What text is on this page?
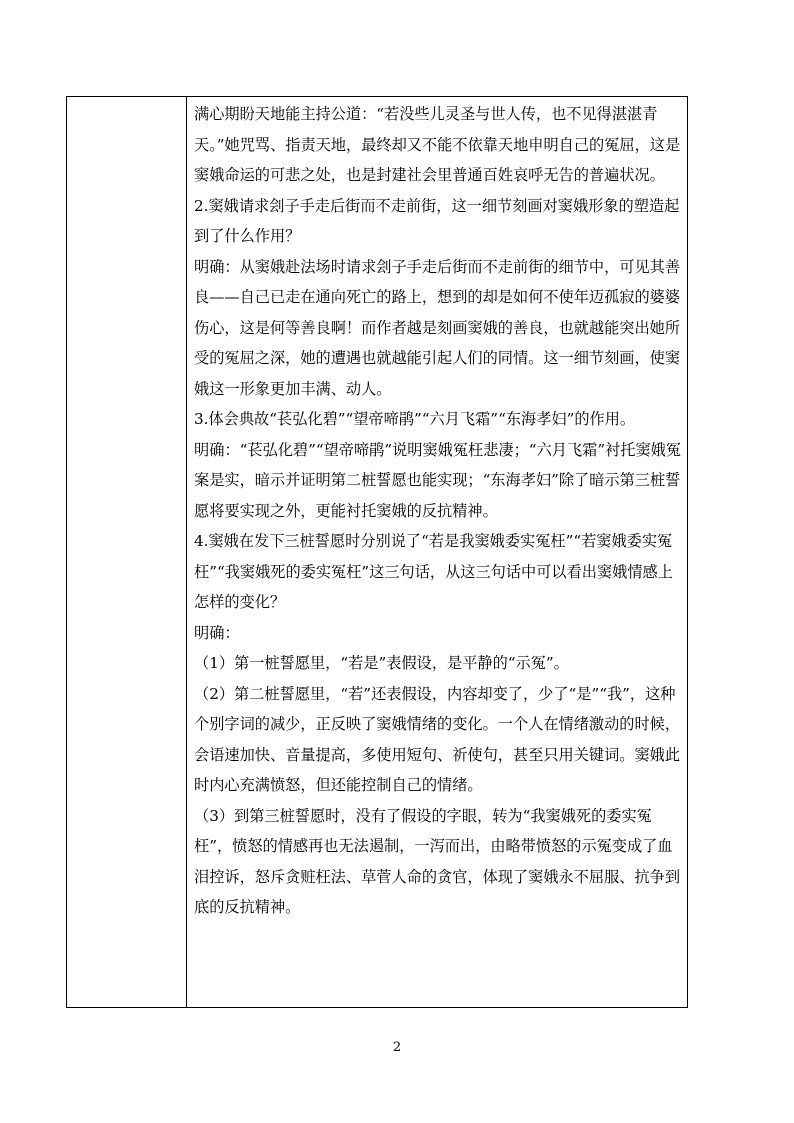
满心期盼天地能主持公道：“若没些儿灵圣与世人传，也不见得湛湛青天。”她咒骂、指责天地，最终却又不能不依靠天地申明自己的冤屈，这是窦娥命运的可悲之处，也是封建社会里普通百姓哀呼无告的普遍状况。

2.窦娥请求刽子手走后街而不走前街，这一细节刻画对窦娥形象的塑造起到了什么作用？

明确：从窦娥赴法场时请求刽子手走后街而不走前街的细节中，可见其善良——自己已走在通向死亡的路上，想到的却是如何不使年迈孤寂的婆婆伤心，这是何等善良啊！而作者越是刻画窦娥的善良，也就越能突出她所受的冤屈之深，她的遭遇也就越能引起人们的同情。这一细节刻画，使窦娥这一形象更加丰满、动人。

3.体会典故“苌弘化碧”“望帝啼鹃”“六月飞霜”“东海孝妇”的作用。

明确：“苌弘化碧”“望帝啼鹃”说明窦娥冤枉悲凄；“六月飞霜”衬托窦娥冤案是实，暗示并证明第二桩誓愿也能实现；“东海孝妇”除了暗示第三桩誓愿将要实现之外，更能衬托窦娥的反抗精神。

4.窦娥在发下三桩誓愿时分别说了“若是我窦娥委实冤枉”“若窦娥委实冤枉”“我窦娥死的委实冤枉”这三句话，从这三句话中可以看出窦娥情感上怎样的变化？

明确：

（1）第一桩誓愿里，“若是”表假设，是平静的“示冤”。

（2）第二桩誓愿里，“若”还表假设，内容却变了，少了“是”“我”，这种个别字词的减少，正反映了窦娥情绪的变化。一个人在情绪激动的时候，会语速加快、音量提高，多使用短句、祈使句，甚至只用关键词。窦娥此时内心充满愤怒，但还能控制自己的情绪。

（3）到第三桩誓愿时，没有了假设的字眼，转为“我窦娥死的委实冤枉”，愤怒的情感再也无法遏制，一泻而出，由略带愤怒的示冤变成了血泪控诉，怒斥贪赃枉法、草菅人命的贪官，体现了窦娥永不屈服、抗争到底的反抗精神。

2
